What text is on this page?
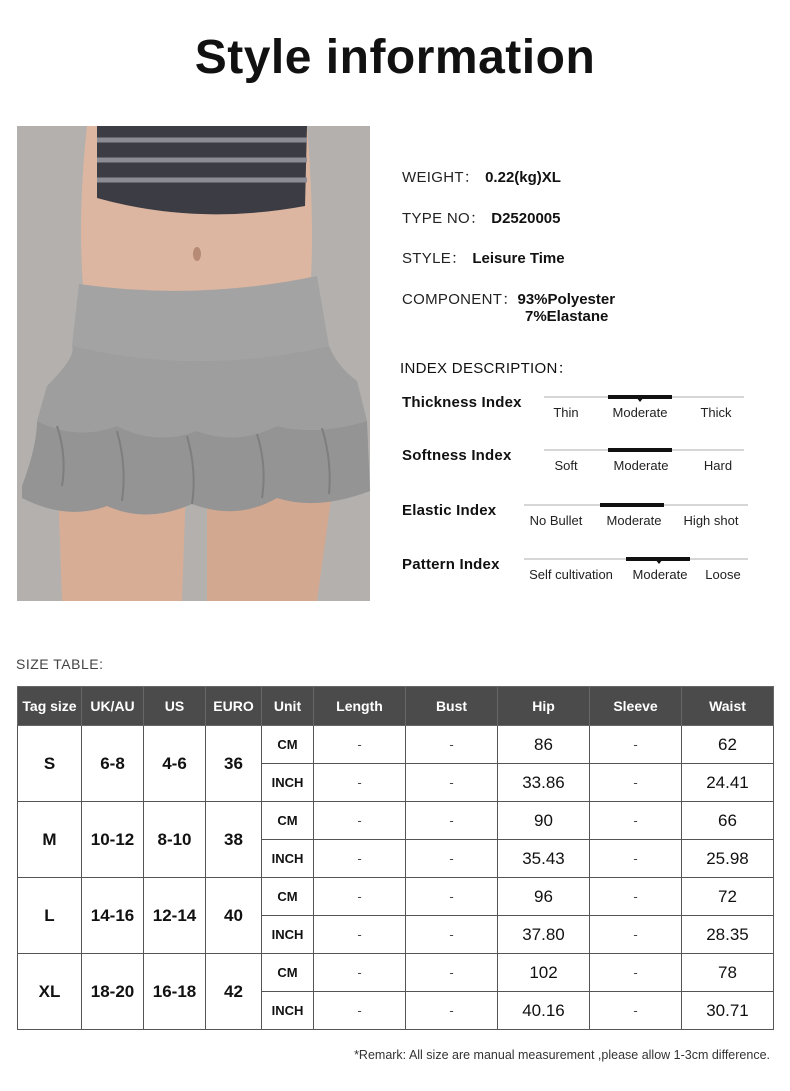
Style information
WEIGHT： 0.22(kg)XL
TYPE NO： D2520005
STYLE： Leisure Time
COMPONENT：93%Polyester
7%Elastane
INDEX DESCRIPTION：
Thickness Index
Thin	Moderate	Thick
Softness Index
Soft	Moderate	Hard
Elastic Index
No Bullet Moderate High shot
Pattern Index
Self cultivation Moderate Loose
SIZE TABLE:
Tag size	UK/AU	US	EURO	Unit	Length	Bust	Hip	Sleeve	Waist
S	6-8	4-6	36	CM	-	-	86	-	62
				INCH	-	-	33.86	-	24.41
M	10-12	8-10	38	CM	-	-	90	-	66
				INCH	-	-	35.43	-	25.98
L	14-16	12-14	40	CM	-	-	96	-	72
				INCH	-	-	37.80	-	28.35
XL	18-20	16-18	42	CM	-	-	102	-	78
				INCH	-	-	40.16	-	30.71
*Remark: All size are manual measurement ,please allow 1-3cm difference.
